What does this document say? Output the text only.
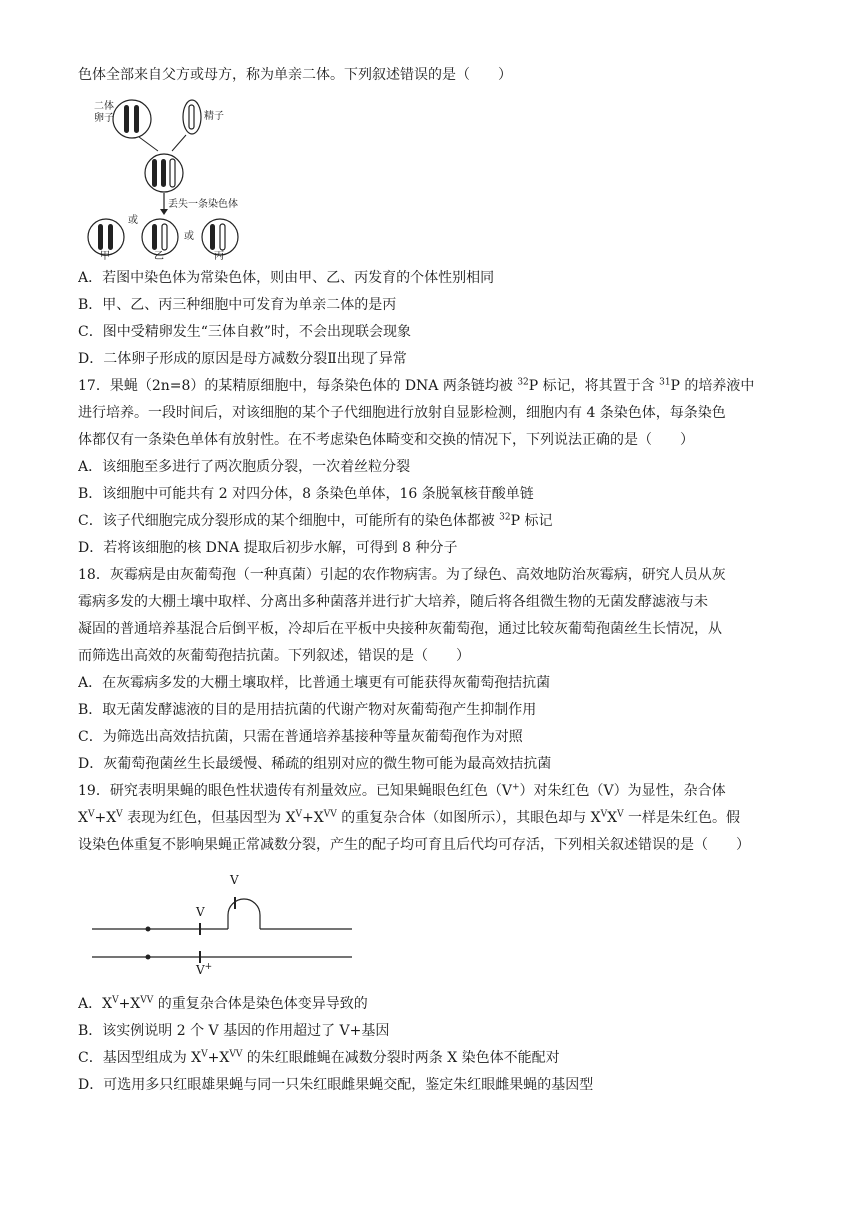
色体全部来自父方或母方，称为单亲二体。下列叙述错误的是（　　）
二体
卵子	精子
丢失一条染色体
或
或
甲	乙	丙
A．若图中染色体为常染色体，则由甲、乙、丙发育的个体性别相同
B．甲、乙、丙三种细胞中可发育为单亲二体的是丙
C．图中受精卵发生“三体自救”时，不会出现联会现象
D．二体卵子形成的原因是母方减数分裂Ⅱ出现了异常
17．果蝇（2n=8）的某精原细胞中，每条染色体的 DNA 两条链均被 $^{32}$P 标记，将其置于含 $^{31}$P 的培养液中
进行培养。一段时间后，对该细胞的某个子代细胞进行放射自显影检测，细胞内有 4 条染色体，每条染色
体都仅有一条染色单体有放射性。在不考虑染色体畸变和交换的情况下，下列说法正确的是（　　）
A．该细胞至多进行了两次胞质分裂，一次着丝粒分裂
B．该细胞中可能共有 2 对四分体，8 条染色单体，16 条脱氧核苷酸单链
C．该子代细胞完成分裂形成的某个细胞中，可能所有的染色体都被 $^{32}$P 标记
D．若将该细胞的核 DNA 提取后初步水解，可得到 8 种分子
18．灰霉病是由灰葡萄孢（一种真菌）引起的农作物病害。为了绿色、高效地防治灰霉病，研究人员从灰
霉病多发的大棚土壤中取样、分离出多种菌落并进行扩大培养，随后将各组微生物的无菌发酵滤液与未
凝固的普通培养基混合后倒平板，冷却后在平板中央接种灰葡萄孢，通过比较灰葡萄孢菌丝生长情况，从
而筛选出高效的灰葡萄孢拮抗菌。下列叙述，错误的是（　　）
A．在灰霉病多发的大棚土壤取样，比普通土壤更有可能获得灰葡萄孢拮抗菌
B．取无菌发酵滤液的目的是用拮抗菌的代谢产物对灰葡萄孢产生抑制作用
C．为筛选出高效拮抗菌，只需在普通培养基接种等量灰葡萄孢作为对照
D．灰葡萄孢菌丝生长最缓慢、稀疏的组别对应的微生物可能为最高效拮抗菌
19．研究表明果蝇的眼色性状遗传有剂量效应。已知果蝇眼色红色（V+）对朱红色（V）为显性，杂合体
$X^V+X^V$ 表现为红色，但基因型为 $X^V+X^{VV}$ 的重复杂合体（如图所示），其眼色却与 $X^VX^V$ 一样是朱红色。假
设染色体重复不影响果蝇正常减数分裂，产生的配子均可育且后代均可存活，下列相关叙述错误的是（　　）
V
V
V+
A．$X^V+X^{VV}$ 的重复杂合体是染色体变异导致的
B．该实例说明 2 个 V 基因的作用超过了 V+基因
C．基因型组成为 $X^V+X^{VV}$ 的朱红眼雌蝇在减数分裂时两条 X 染色体不能配对
D．可选用多只红眼雄果蝇与同一只朱红眼雌果蝇交配，鉴定朱红眼雌果蝇的基因型
